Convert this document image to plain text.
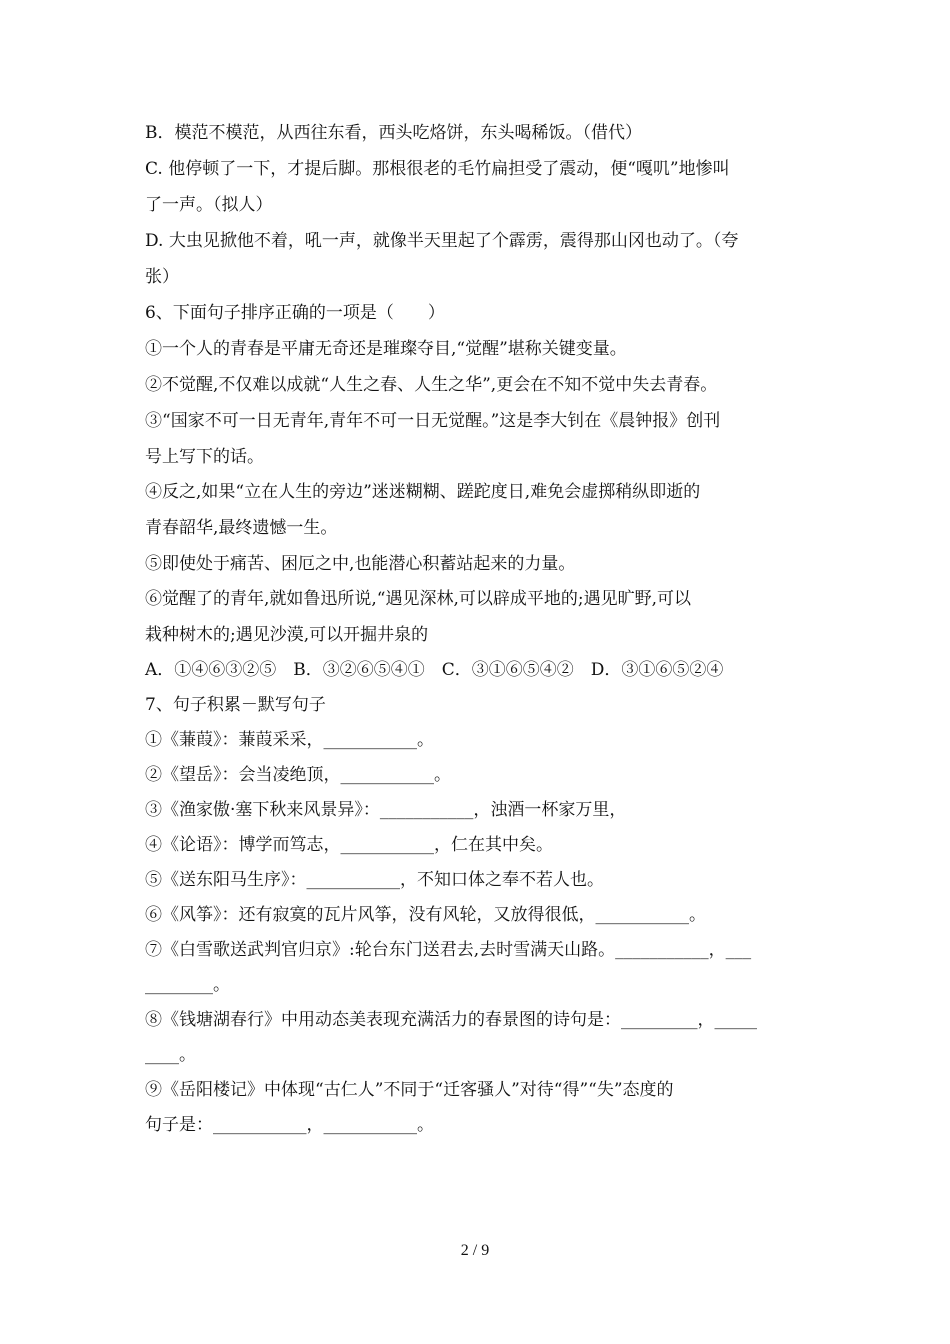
B．模范不模范，从西往东看，西头吃烙饼，东头喝稀饭。（借代）
C. 他停顿了一下，才提后脚。那根很老的毛竹扁担受了震动，便“嘎叽”地惨叫
了一声。（拟人）
D. 大虫见掀他不着，吼一声，就像半天里起了个霹雳，震得那山冈也动了。（夸
张）
6、下面句子排序正确的一项是（　　）
①一个人的青春是平庸无奇还是璀璨夺目,“觉醒”堪称关键变量。
②不觉醒,不仅难以成就“人生之春、人生之华”,更会在不知不觉中失去青春。
③“国家不可一日无青年,青年不可一日无觉醒。”这是李大钊在《晨钟报》创刊
号上写下的话。
④反之,如果“立在人生的旁边”迷迷糊糊、蹉跎度日,难免会虚掷稍纵即逝的
青春韶华,最终遗憾一生。
⑤即使处于痛苦、困厄之中,也能潜心积蓄站起来的力量。
⑥觉醒了的青年,就如鲁迅所说,“遇见深林,可以辟成平地的;遇见旷野,可以
栽种树木的;遇见沙漠,可以开掘井泉的
A．①④⑥③②⑤　B．③②⑥⑤④①　C．③①⑥⑤④②　D．③①⑥⑤②④
7、句子积累－默写句子
①《蒹葭》：蒹葭采采，___________。
②《望岳》：会当凌绝顶，___________。
③《渔家傲·塞下秋来风景异》：___________，浊酒一杯家万里，
④《论语》：博学而笃志，___________，仁在其中矣。
⑤《送东阳马生序》：___________，不知口体之奉不若人也。
⑥《风筝》：还有寂寞的瓦片风筝，没有风轮，又放得很低，___________。
⑦《白雪歌送武判官归京》:轮台东门送君去,去时雪满天山路。___________，___
________。
⑧《钱塘湖春行》中用动态美表现充满活力的春景图的诗句是：_________，_____
____。
⑨《岳阳楼记》中体现“古仁人”不同于“迁客骚人”对待“得”“失”态度的
句子是：___________，___________。
2 / 9
